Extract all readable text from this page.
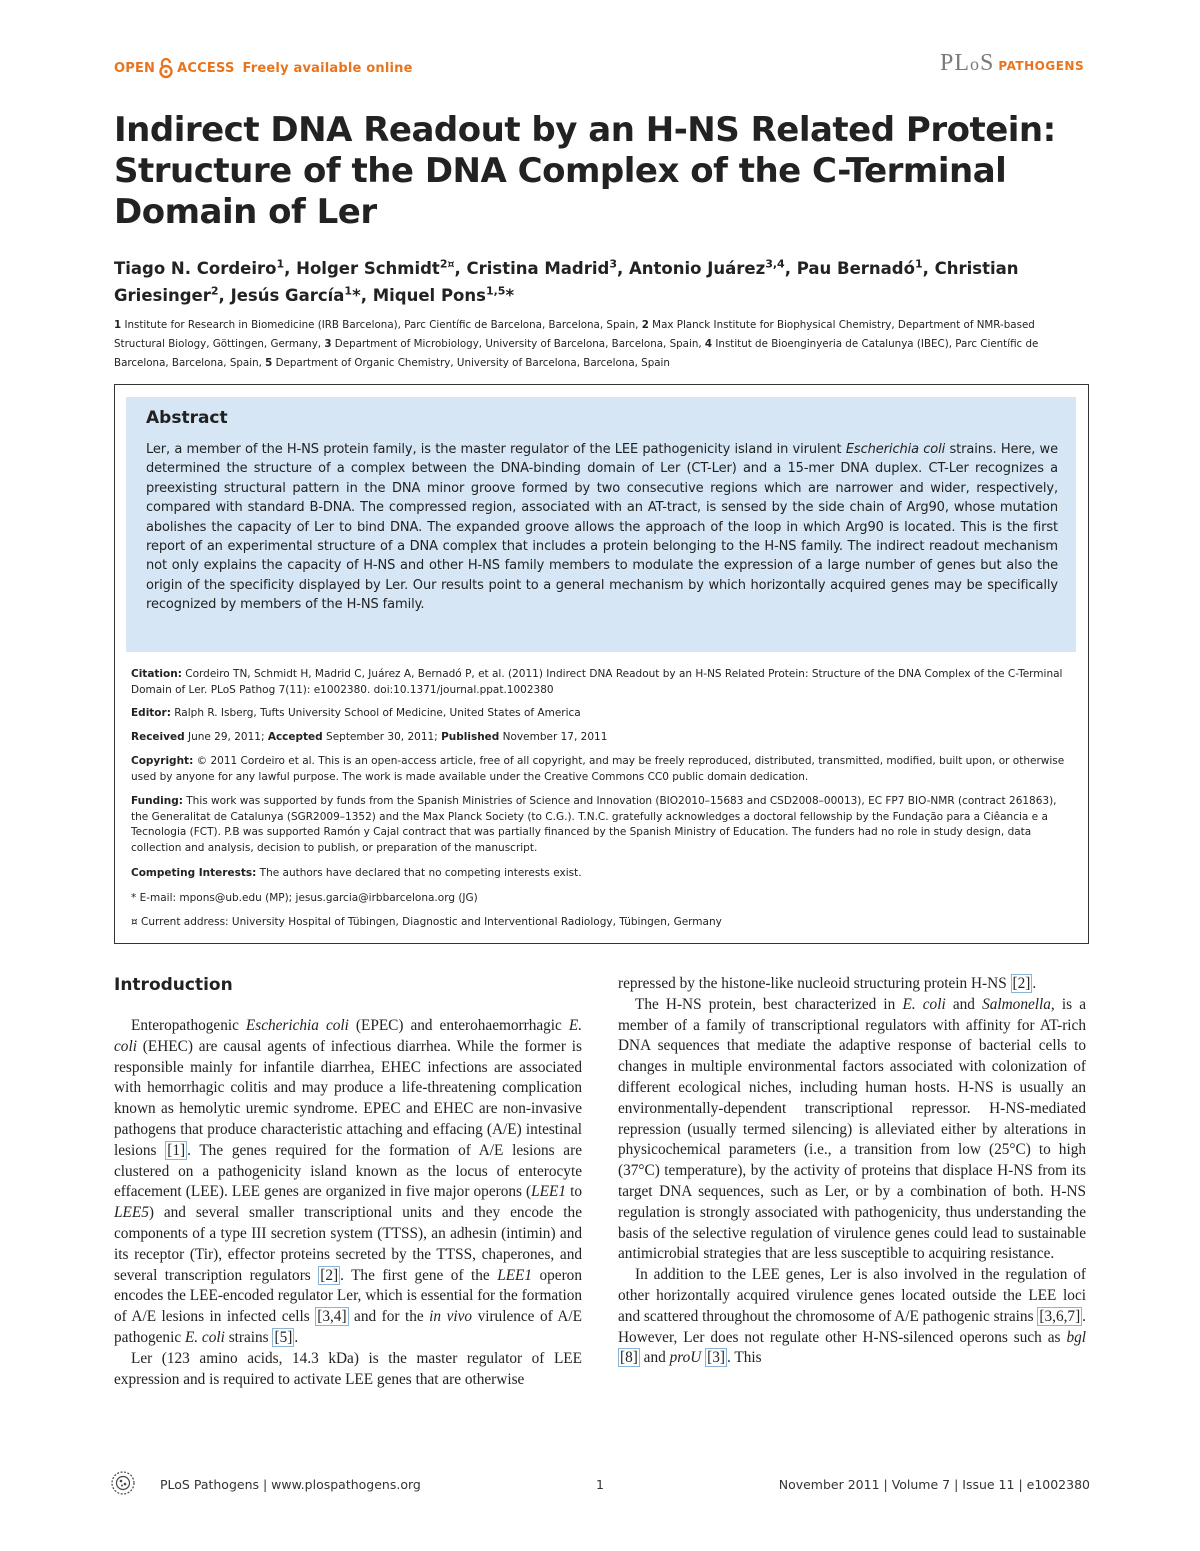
OPEN ACCESS Freely available online	PLoS PATHOGENS
Indirect DNA Readout by an H-NS Related Protein: Structure of the DNA Complex of the C-Terminal Domain of Ler
Tiago N. Cordeiro$^1$, Holger Schmidt$^{2¤}$, Cristina Madrid$^3$, Antonio Juárez$^{3,4}$, Pau Bernadó$^1$, Christian Griesinger$^2$, Jesús García$^1$*, Miquel Pons$^{1,5}$*
1 Institute for Research in Biomedicine (IRB Barcelona), Parc Científic de Barcelona, Barcelona, Spain, 2 Max Planck Institute for Biophysical Chemistry, Department of NMR-based Structural Biology, Göttingen, Germany, 3 Department of Microbiology, University of Barcelona, Barcelona, Spain, 4 Institut de Bioenginyeria de Catalunya (IBEC), Parc Científic de Barcelona, Barcelona, Spain, 5 Department of Organic Chemistry, University of Barcelona, Barcelona, Spain
Abstract
Ler, a member of the H-NS protein family, is the master regulator of the LEE pathogenicity island in virulent Escherichia coli strains. Here, we determined the structure of a complex between the DNA-binding domain of Ler (CT-Ler) and a 15-mer DNA duplex. CT-Ler recognizes a preexisting structural pattern in the DNA minor groove formed by two consecutive regions which are narrower and wider, respectively, compared with standard B-DNA. The compressed region, associated with an AT-tract, is sensed by the side chain of Arg90, whose mutation abolishes the capacity of Ler to bind DNA. The expanded groove allows the approach of the loop in which Arg90 is located. This is the first report of an experimental structure of a DNA complex that includes a protein belonging to the H-NS family. The indirect readout mechanism not only explains the capacity of H-NS and other H-NS family members to modulate the expression of a large number of genes but also the origin of the specificity displayed by Ler. Our results point to a general mechanism by which horizontally acquired genes may be specifically recognized by members of the H-NS family.
Citation: Cordeiro TN, Schmidt H, Madrid C, Juárez A, Bernadó P, et al. (2011) Indirect DNA Readout by an H-NS Related Protein: Structure of the DNA Complex of the C-Terminal Domain of Ler. PLoS Pathog 7(11): e1002380. doi:10.1371/journal.ppat.1002380
Editor: Ralph R. Isberg, Tufts University School of Medicine, United States of America
Received June 29, 2011; Accepted September 30, 2011; Published November 17, 2011
Copyright: © 2011 Cordeiro et al. This is an open-access article, free of all copyright, and may be freely reproduced, distributed, transmitted, modified, built upon, or otherwise used by anyone for any lawful purpose. The work is made available under the Creative Commons CC0 public domain dedication.
Funding: This work was supported by funds from the Spanish Ministries of Science and Innovation (BIO2010–15683 and CSD2008–00013), EC FP7 BIO-NMR (contract 261863), the Generalitat de Catalunya (SGR2009–1352) and the Max Planck Society (to C.G.). T.N.C. gratefully acknowledges a doctoral fellowship by the Fundação para a Ciêancia e a Tecnologia (FCT). P.B was supported Ramón y Cajal contract that was partially financed by the Spanish Ministry of Education. The funders had no role in study design, data collection and analysis, decision to publish, or preparation of the manuscript.
Competing Interests: The authors have declared that no competing interests exist.
* E-mail: mpons@ub.edu (MP); jesus.garcia@irbbarcelona.org (JG)
¤ Current address: University Hospital of Tübingen, Diagnostic and Interventional Radiology, Tübingen, Germany
Introduction

Enteropathogenic Escherichia coli (EPEC) and enterohaemorrhagic E. coli (EHEC) are causal agents of infectious diarrhea. While the former is responsible mainly for infantile diarrhea, EHEC infections are associated with hemorrhagic colitis and may produce a life-threatening complication known as hemolytic uremic syndrome. EPEC and EHEC are non-invasive pathogens that produce characteristic attaching and effacing (A/E) intestinal lesions [1] . The genes required for the formation of A/E lesions are clustered on a pathogenicity island known as the locus of enterocyte effacement (LEE). LEE genes are organized in five major operons (LEE1 to LEE5) and several smaller transcriptional units and they encode the components of a type III secretion system (TTSS), an adhesin (intimin) and its receptor (Tir), effector proteins secreted by the TTSS, chaperones, and several transcription regulators [2] . The first gene of the LEE1 operon encodes the LEE-encoded regulator Ler, which is essential for the formation of A/E lesions in infected cells [3,4] and for the in vivo virulence of A/E pathogenic E. coli strains [5] .

Ler (123 amino acids, 14.3 kDa) is the master regulator of LEE expression and is required to activate LEE genes that are otherwise

repressed by the histone-like nucleoid structuring protein H-NS [2] .

The H-NS protein, best characterized in E. coli and Salmonella, is a member of a family of transcriptional regulators with affinity for AT-rich DNA sequences that mediate the adaptive response of bacterial cells to changes in multiple environmental factors associated with colonization of different ecological niches, including human hosts. H-NS is usually an environmentally-dependent transcriptional repressor. H-NS-mediated repression (usually termed silencing) is alleviated either by alterations in physicochemical parameters (i.e., a transition from low (25°C) to high (37°C) temperature), by the activity of proteins that displace H-NS from its target DNA sequences, such as Ler, or by a combination of both. H-NS regulation is strongly associated with pathogenicity, thus understanding the basis of the selective regulation of virulence genes could lead to sustainable antimicrobial strategies that are less susceptible to acquiring resistance.

In addition to the LEE genes, Ler is also involved in the regulation of other horizontally acquired virulence genes located outside the LEE loci and scattered throughout the chromosome of A/E pathogenic strains [3,6,7] . However, Ler does not regulate other H-NS-silenced operons such as bgl [8] and proU [3] . This

PLoS Pathogens | www.plospathogens.org	1	November 2011 | Volume 7 | Issue 11 | e1002380
